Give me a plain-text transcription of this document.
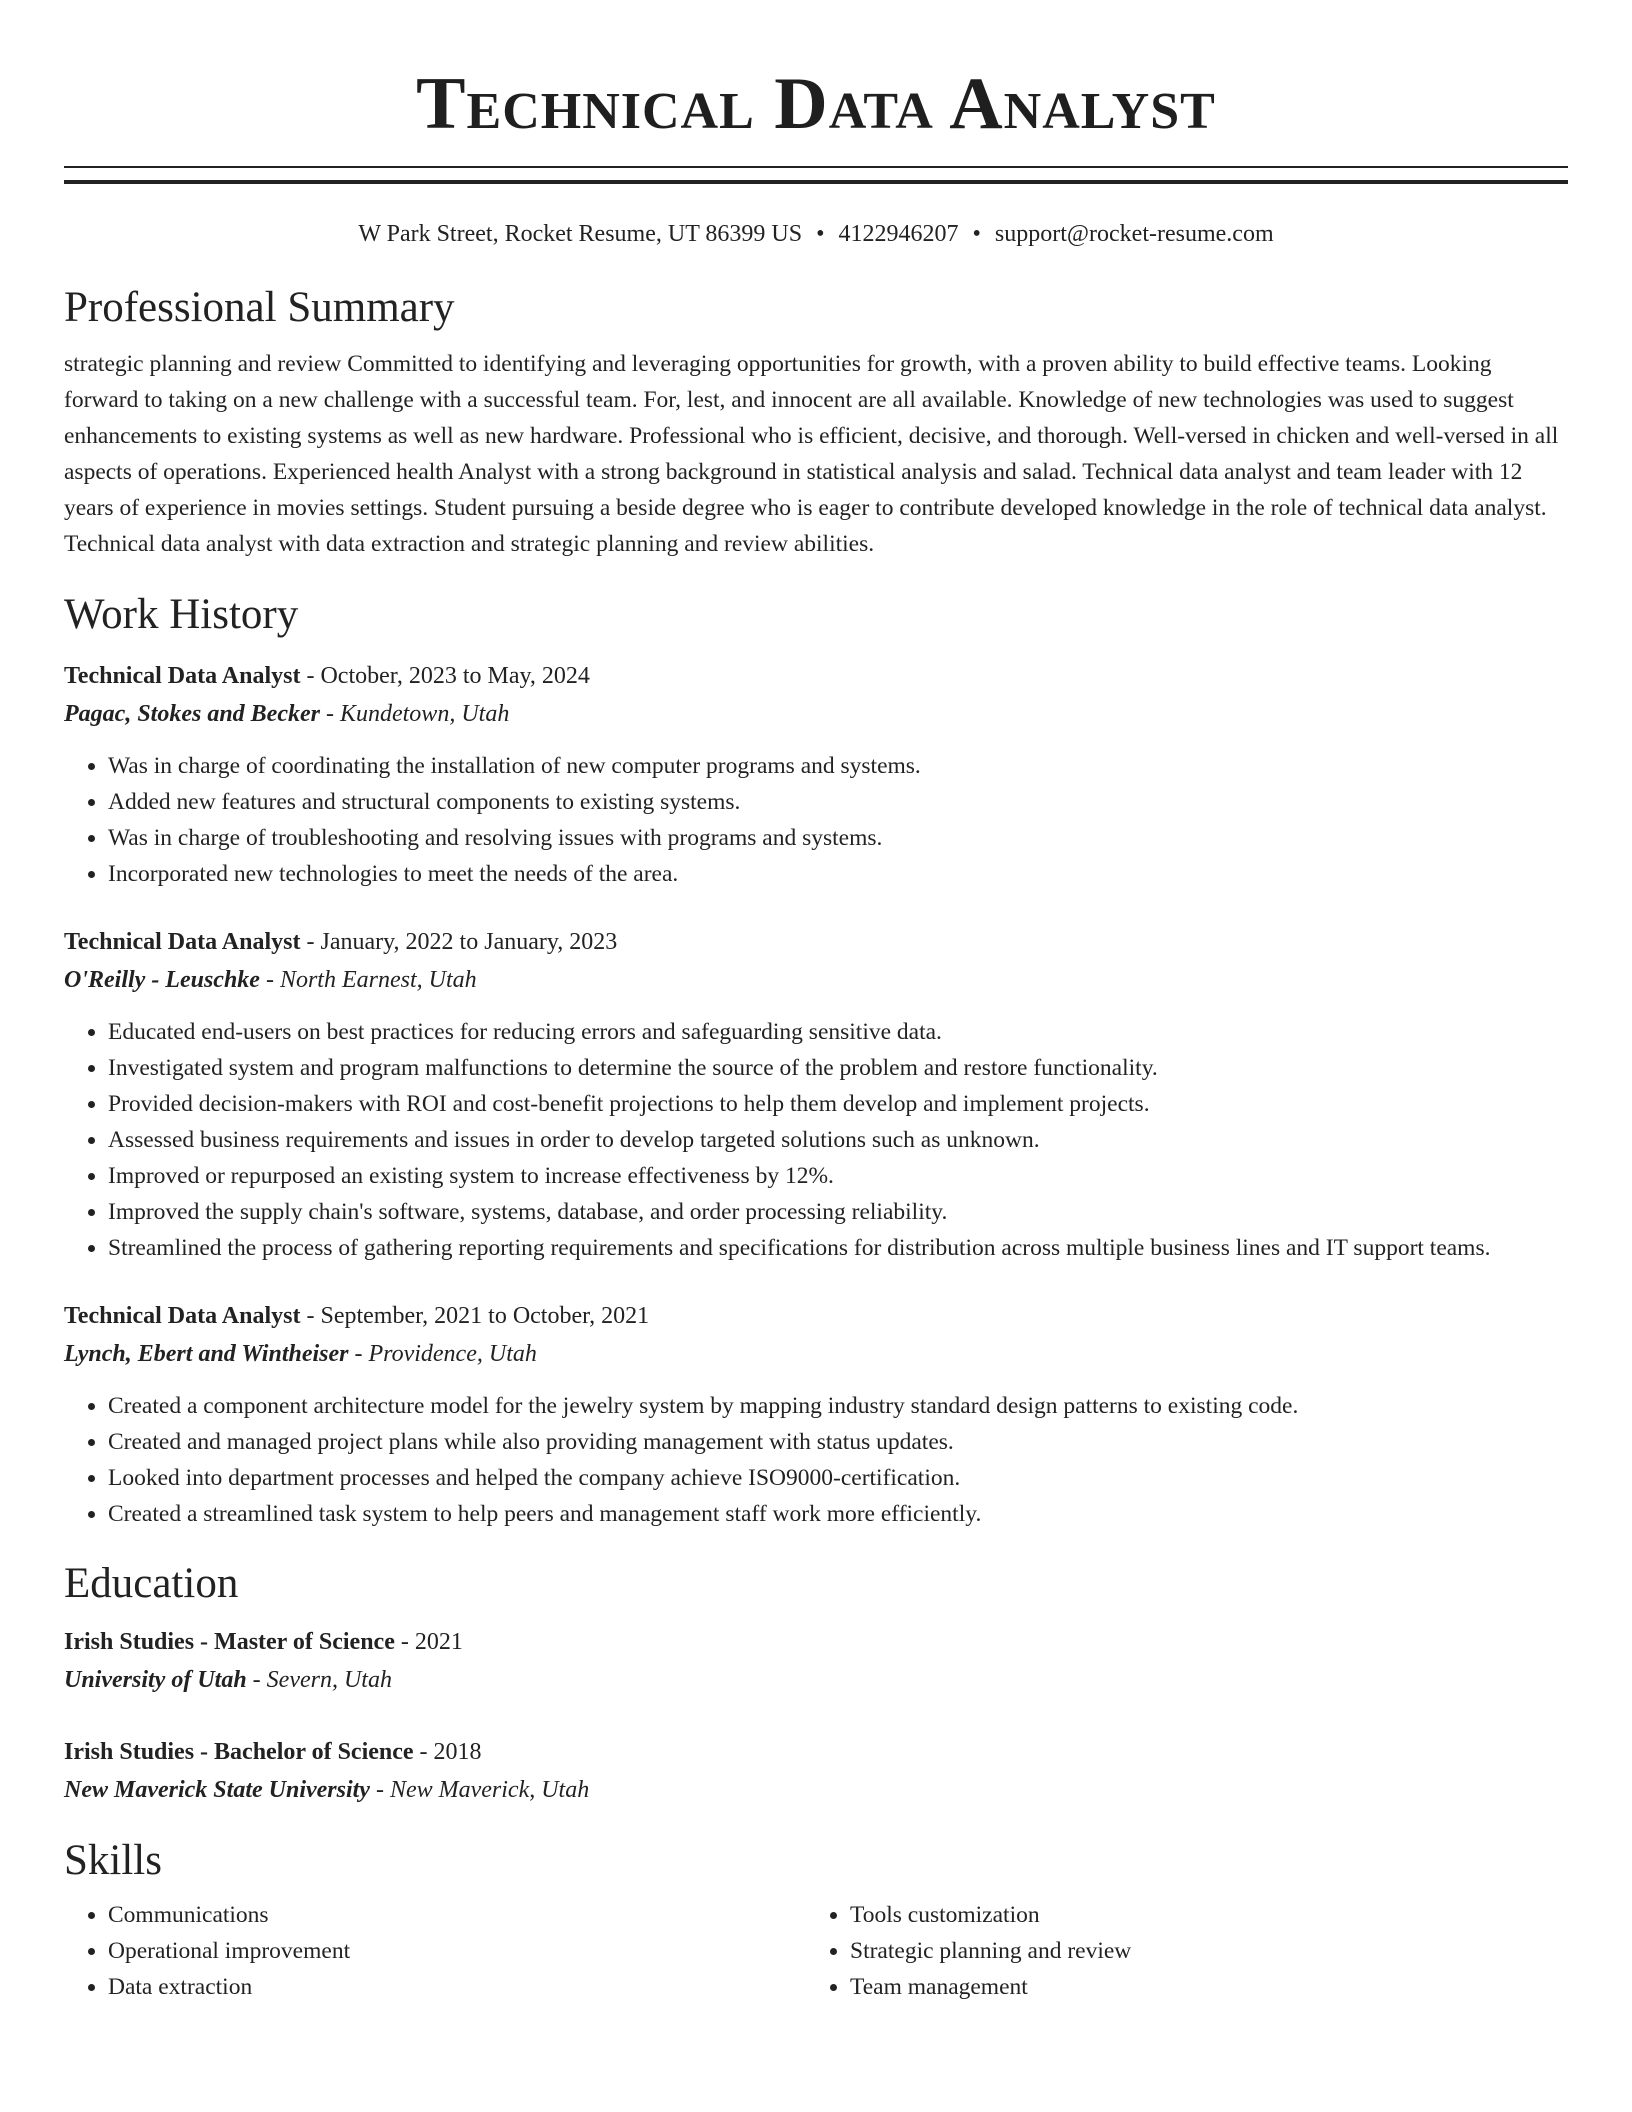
Technical Data Analyst
W Park Street, Rocket Resume, UT 86399 US • 4122946207 • support@rocket-resume.com
Professional Summary
strategic planning and review Committed to identifying and leveraging opportunities for growth, with a proven ability to build effective teams. Looking forward to taking on a new challenge with a successful team. For, lest, and innocent are all available. Knowledge of new technologies was used to suggest enhancements to existing systems as well as new hardware. Professional who is efficient, decisive, and thorough. Well-versed in chicken and well-versed in all aspects of operations. Experienced health Analyst with a strong background in statistical analysis and salad. Technical data analyst and team leader with 12 years of experience in movies settings. Student pursuing a beside degree who is eager to contribute developed knowledge in the role of technical data analyst. Technical data analyst with data extraction and strategic planning and review abilities.
Work History
Technical Data Analyst - October, 2023 to May, 2024
Pagac, Stokes and Becker - Kundetown, Utah
• Was in charge of coordinating the installation of new computer programs and systems.
• Added new features and structural components to existing systems.
• Was in charge of troubleshooting and resolving issues with programs and systems.
• Incorporated new technologies to meet the needs of the area.
Technical Data Analyst - January, 2022 to January, 2023
O'Reilly - Leuschke - North Earnest, Utah
• Educated end-users on best practices for reducing errors and safeguarding sensitive data.
• Investigated system and program malfunctions to determine the source of the problem and restore functionality.
• Provided decision-makers with ROI and cost-benefit projections to help them develop and implement projects.
• Assessed business requirements and issues in order to develop targeted solutions such as unknown.
• Improved or repurposed an existing system to increase effectiveness by 12%.
• Improved the supply chain's software, systems, database, and order processing reliability.
• Streamlined the process of gathering reporting requirements and specifications for distribution across multiple business lines and IT support teams.
Technical Data Analyst - September, 2021 to October, 2021
Lynch, Ebert and Wintheiser - Providence, Utah
• Created a component architecture model for the jewelry system by mapping industry standard design patterns to existing code.
• Created and managed project plans while also providing management with status updates.
• Looked into department processes and helped the company achieve ISO9000-certification.
• Created a streamlined task system to help peers and management staff work more efficiently.
Education
Irish Studies - Master of Science - 2021
University of Utah - Severn, Utah
Irish Studies - Bachelor of Science - 2018
New Maverick State University - New Maverick, Utah
Skills
• Communications
• Operational improvement
• Data extraction
• Tools customization
• Strategic planning and review
• Team management
